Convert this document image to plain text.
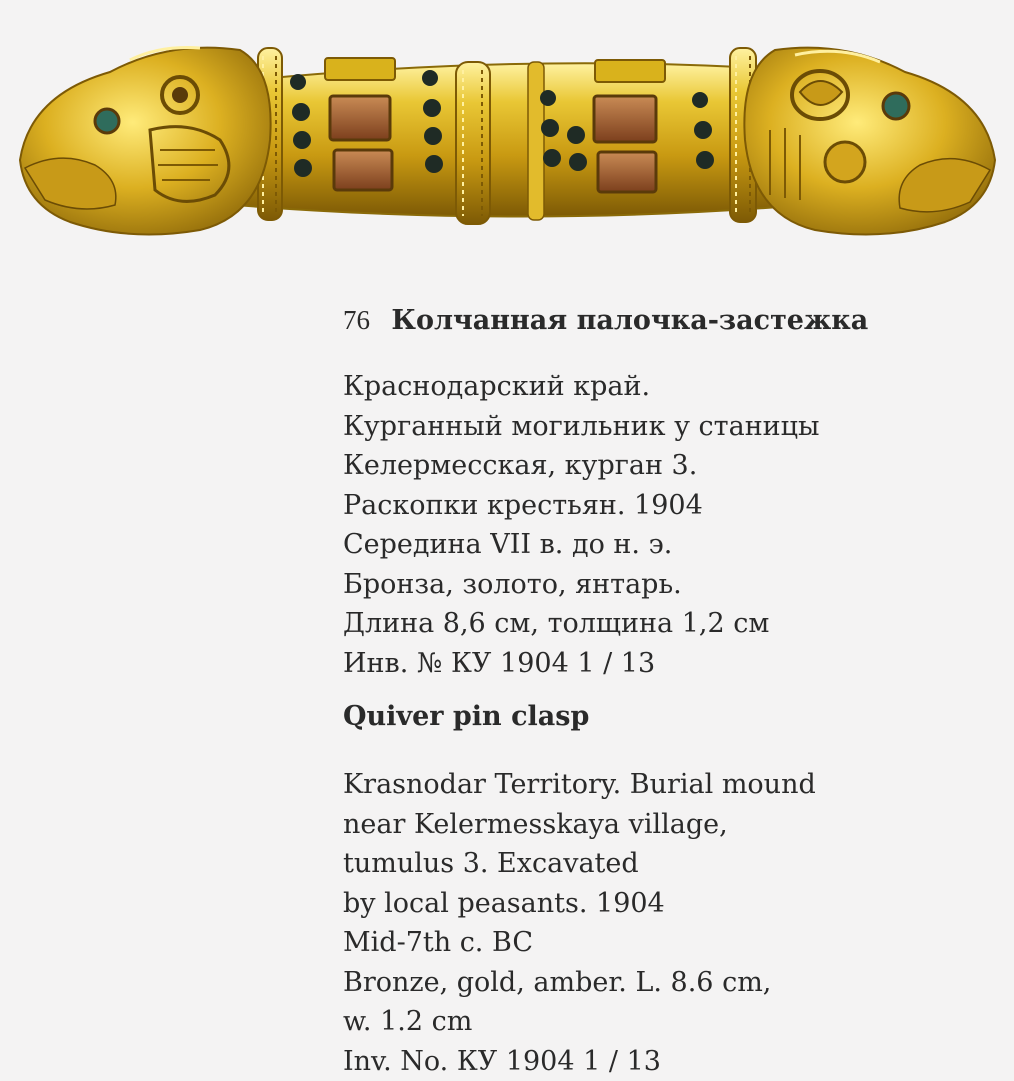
76 Колчанная палочка-застежка

Краснодарский край.
Курганный могильник у станицы
Келермесская, курган 3.
Раскопки крестьян. 1904
Середина VII в. до н. э.
Бронза, золото, янтарь.
Длина 8,6 см, толщина 1,2 см
Инв. № КУ 1904 1 / 13

Quiver pin clasp

Krasnodar Territory. Burial mound
near Kelermesskaya village,
tumulus 3. Excavated
by local peasants. 1904
Mid-7th c. BC
Bronze, gold, amber. L. 8.6 cm,
w. 1.2 cm
Inv. No. КУ 1904 1 / 13
